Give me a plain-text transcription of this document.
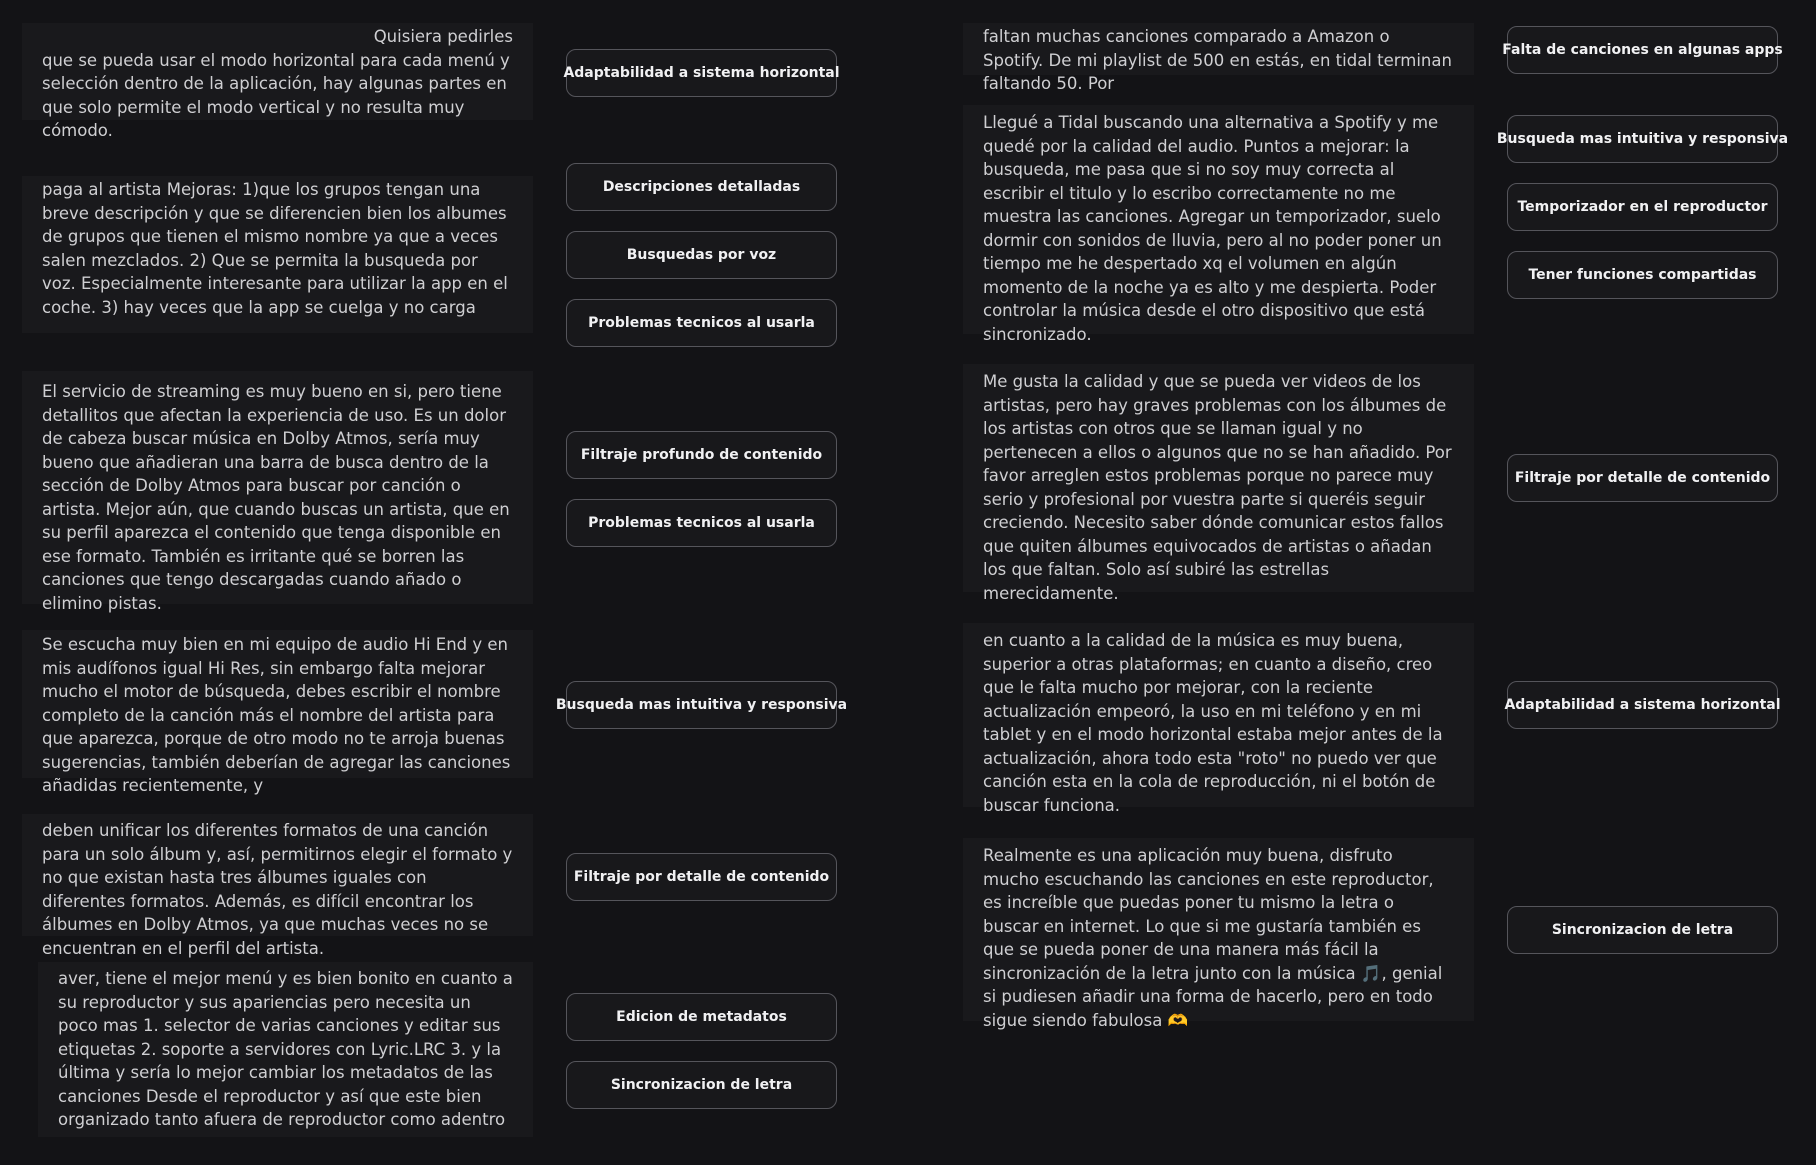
Quisiera pedirles

que se pueda usar el modo horizontal para cada menú y selección dentro de la aplicación, hay algunas partes en que solo permite el modo vertical y no resulta muy cómodo.

paga al artista Mejoras: 1)que los grupos tengan una breve descripción y que se diferencien bien los albumes de grupos que tienen el mismo nombre ya que a veces salen mezclados. 2) Que se permita la busqueda por voz. Especialmente interesante para utilizar la app en el coche. 3) hay veces que la app se cuelga y no carga

El servicio de streaming es muy bueno en si, pero tiene detallitos que afectan la experiencia de uso. Es un dolor de cabeza buscar música en Dolby Atmos, sería muy bueno que añadieran una barra de busca dentro de la sección de Dolby Atmos para buscar por canción o artista. Mejor aún, que cuando buscas un artista, que en su perfil aparezca el contenido que tenga disponible en ese formato. También es irritante qué se borren las canciones que tengo descargadas cuando añado o elimino pistas.

Se escucha muy bien en mi equipo de audio Hi End y en mis audífonos igual Hi Res, sin embargo falta mejorar mucho el motor de búsqueda, debes escribir el nombre completo de la canción más el nombre del artista para que aparezca, porque de otro modo no te arroja buenas sugerencias, también deberían de agregar las canciones añadidas recientemente, y

deben unificar los diferentes formatos de una canción para un solo álbum y, así, permitirnos elegir el formato y no que existan hasta tres álbumes iguales con diferentes formatos. Además, es difícil encontrar los álbumes en Dolby Atmos, ya que muchas veces no se encuentran en el perfil del artista.

aver, tiene el mejor menú y es bien bonito en cuanto a su reproductor y sus apariencias pero necesita un poco mas 1. selector de varias canciones y editar sus etiquetas 2. soporte a servidores con Lyric.LRC 3. y la última y sería lo mejor cambiar los metadatos de las canciones Desde el reproductor y así que este bien organizado tanto afuera de reproductor como adentro

Adaptabilidad a sistema horizontal
Descripciones detalladas
Busquedas por voz
Problemas tecnicos al usarla
Filtraje profundo de contenido
Problemas tecnicos al usarla
Busqueda mas intuitiva y responsiva
Filtraje por detalle de contenido
Edicion de metadatos
Sincronizacion de letra

faltan muchas canciones comparado a Amazon o Spotify. De mi playlist de 500 en estás, en tidal terminan faltando 50. Por

Llegué a Tidal buscando una alternativa a Spotify y me quedé por la calidad del audio. Puntos a mejorar: la busqueda, me pasa que si no soy muy correcta al escribir el titulo y lo escribo correctamente no me muestra las canciones. Agregar un temporizador, suelo dormir con sonidos de lluvia, pero al no poder poner un tiempo me he despertado xq el volumen en algún momento de la noche ya es alto y me despierta. Poder controlar la música desde el otro dispositivo que está sincronizado.

Me gusta la calidad y que se pueda ver videos de los artistas, pero hay graves problemas con los álbumes de los artistas con otros que se llaman igual y no pertenecen a ellos o algunos que no se han añadido. Por favor arreglen estos problemas porque no parece muy serio y profesional por vuestra parte si queréis seguir creciendo. Necesito saber dónde comunicar estos fallos que quiten álbumes equivocados de artistas o añadan los que faltan. Solo así subiré las estrellas merecidamente.

en cuanto a la calidad de la música es muy buena, superior a otras plataformas; en cuanto a diseño, creo que le falta mucho por mejorar, con la reciente actualización empeoró, la uso en mi teléfono y en mi tablet y en el modo horizontal estaba mejor antes de la actualización, ahora todo esta "roto" no puedo ver que canción esta en la cola de reproducción, ni el botón de buscar funciona.

Realmente es una aplicación muy buena, disfruto mucho escuchando las canciones en este reproductor, es increíble que puedas poner tu mismo la letra o buscar en internet. Lo que si me gustaría también es que se pueda poner de una manera más fácil la sincronización de la letra junto con la música 🎵, genial si pudiesen añadir una forma de hacerlo, pero en todo sigue siendo fabulosa 🫶

Falta de canciones en algunas apps
Busqueda mas intuitiva y responsiva
Temporizador en el reproductor
Tener funciones compartidas
Filtraje por detalle de contenido
Adaptabilidad a sistema horizontal
Sincronizacion de letra
